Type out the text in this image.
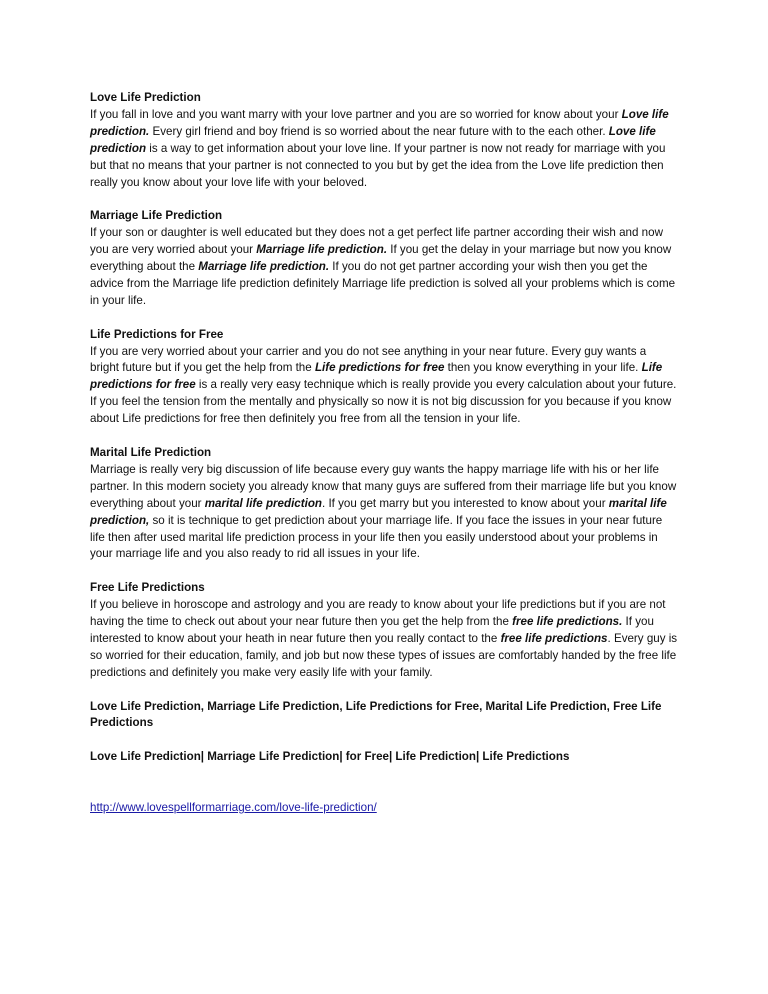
Love Life Prediction

If you fall in love and you want marry with your love partner and you are so worried for know about your Love life prediction. Every girl friend and boy friend is so worried about the near future with to the each other. Love life prediction is a way to get information about your love line. If your partner is now not ready for marriage with you but that no means that your partner is not connected to you but by get the idea from the Love life prediction then really you know about your love life with your beloved.

Marriage Life Prediction

If your son or daughter is well educated but they does not a get perfect life partner according their wish and now you are very worried about your Marriage life prediction. If you get the delay in your marriage but now you know everything about the Marriage life prediction. If you do not get partner according your wish then you get the advice from the Marriage life prediction definitely Marriage life prediction is solved all your problems which is come in your life.

Life Predictions for Free

If you are very worried about your carrier and you do not see anything in your near future. Every guy wants a bright future but if you get the help from the Life predictions for free then you know everything in your life. Life predictions for free is a really very easy technique which is really provide you every calculation about your future. If you feel the tension from the mentally and physically so now it is not big discussion for you because if you know about Life predictions for free then definitely you free from all the tension in your life.

Marital Life Prediction

Marriage is really very big discussion of life because every guy wants the happy marriage life with his or her life partner. In this modern society you already know that many guys are suffered from their marriage life but you know everything about your marital life prediction. If you get marry but you interested to know about your marital life prediction, so it is technique to get prediction about your marriage life. If you face the issues in your near future life then after used marital life prediction process in your life then you easily understood about your problems in your marriage life and you also ready to rid all issues in your life.

Free Life Predictions

If you believe in horoscope and astrology and you are ready to know about your life predictions but if you are not having the time to check out about your near future then you get the help from the free life predictions. If you interested to know about your heath in near future then you really contact to the free life predictions. Every guy is so worried for their education, family, and job but now these types of issues are comfortably handed by the free life predictions and definitely you make very easily life with your family.

Love Life Prediction, Marriage Life Prediction, Life Predictions for Free, Marital Life Prediction, Free Life Predictions

Love Life Prediction| Marriage Life Prediction| for Free| Life Prediction| Life Predictions

http://www.lovespellformarriage.com/love-life-prediction/
